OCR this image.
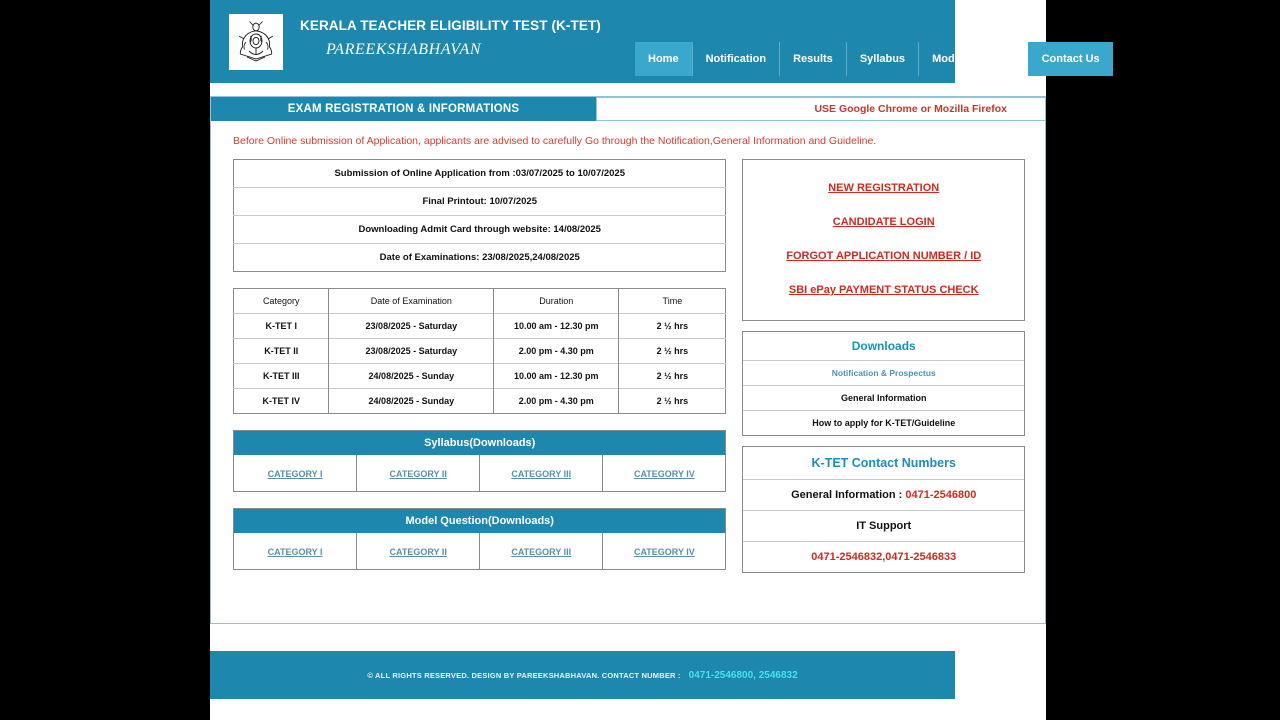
KERALA TEACHER ELIGIBILITY TEST (K-TET)
PAREEKSHABHAVAN
Home	Notification	Results	Syllabus	Model Question	Contact Us
EXAM REGISTRATION & INFORMATIONS	USE Google Chrome or Mozilla Firefox
Before Online submission of Application, applicants are advised to carefully Go through the Notification,General Information and Guideline.
Submission of Online Application from :03/07/2025 to 10/07/2025
Final Printout: 10/07/2025
Downloading Admit Card through website: 14/08/2025
Date of Examinations: 23/08/2025,24/08/2025
Category	Date of Examination	Duration	Time
K-TET I	23/08/2025 - Saturday	10.00 am - 12.30 pm	2 ½ hrs
K-TET II	23/08/2025 - Saturday	2.00 pm - 4.30 pm	2 ½ hrs
K-TET III	24/08/2025 - Sunday	10.00 am - 12.30 pm	2 ½ hrs
K-TET IV	24/08/2025 - Sunday	2.00 pm - 4.30 pm	2 ½ hrs
Syllabus(Downloads)
CATEGORY I	CATEGORY II	CATEGORY III	CATEGORY IV
Model Question(Downloads)
CATEGORY I	CATEGORY II	CATEGORY III	CATEGORY IV
NEW REGISTRATION
CANDIDATE LOGIN
FORGOT APPLICATION NUMBER / ID
SBI ePay PAYMENT STATUS CHECK
Downloads
Notification & Prospectus
General Information
How to apply for K-TET/Guideline
K-TET Contact Numbers
General Information : 0471-2546800
IT Support
0471-2546832,0471-2546833
© ALL RIGHTS RESERVED. DESIGN BY PAREEKSHABHAVAN. CONTACT NUMBER : 0471-2546800, 2546832
